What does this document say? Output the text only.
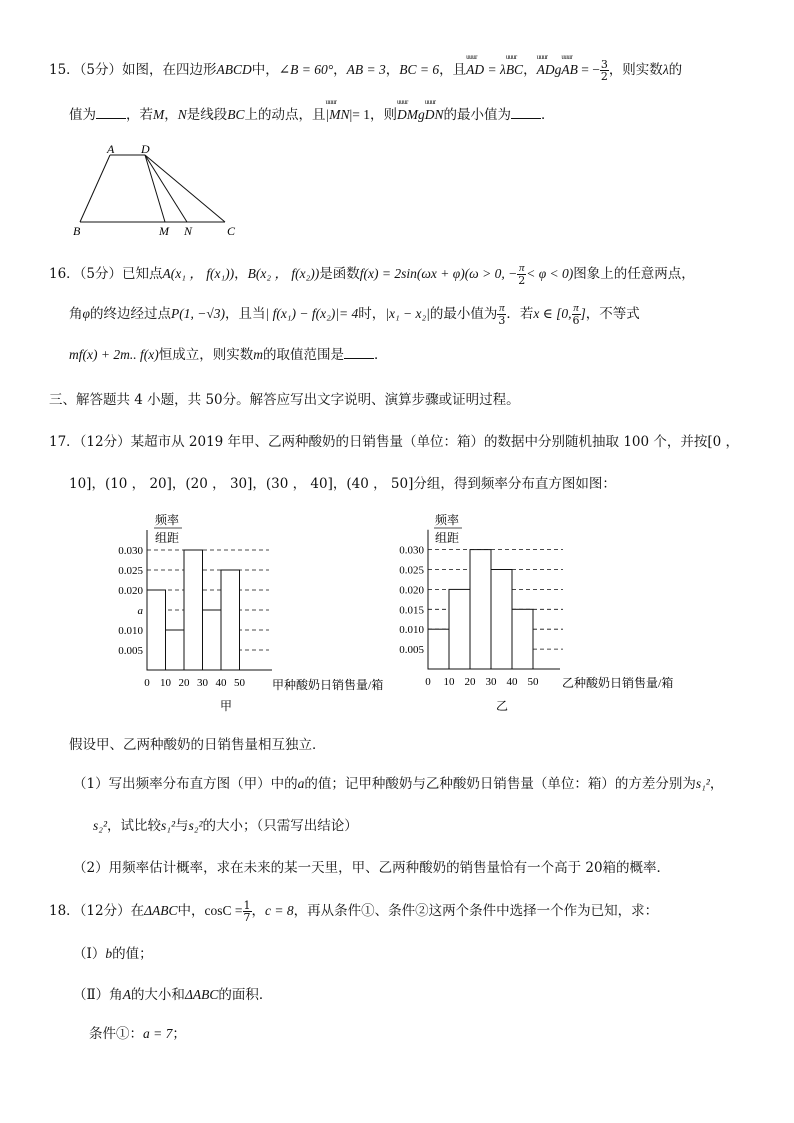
15．（5分）如图，在四边形ABCD中，∠B = 60°，AB = 3，BC = 6，且uuur AD = λuuur BC，uuur ADguuur AB = − $\frac{3}{2}$ ，则实数λ的
值为 ，若M，N是线段BC上的动点，且uuur |MN|= 1，则uuur DMguuur DN的最小值为 ．
A D
B	M N	C
16．（5分）已知点A(x₁ ， f(x₁))，B(x₂ ， f(x₂))是函数f(x) = 2sin(ωx + φ)(ω > 0, − $\frac{\pi}{2} < \varphi < 0$)图象上的任意两点，
角φ的终边经过点P(1, −√3)，且当| f(x₁) − f(x₂)|= 4时，|x₁ − x₂|的最小值为 $\frac{\pi}{3}$ ．若x ∈ [0, $\frac{\pi}{6}$ ]，不等式
mf(x) + 2m.. f(x)恒成立，则实数m的取值范围是 ．
三、解答题共 4 小题，共 50分。解答应写出文字说明、演算步骤或证明过程。
17．（12分）某超市从 2019 年甲、乙两种酸奶的日销售量（单位：箱）的数据中分别随机抽取 100 个，并按[0 ，
10]，(10 ， 20]，(20 ， 30]，(30 ， 40]，(40 ， 50]分组，得到频率分布直方图如图：
频率
组距
0.030
0.025
0.020
a
0.010
0.005
0 10 20 30 40 50 甲种酸奶日销售量/箱
甲
频率
组距
0.030
0.025
0.020
0.015
0.010
0.005
0 10 20 30 40 50 乙种酸奶日销售量/箱
乙
假设甲、乙两种酸奶的日销售量相互独立．
（1）写出频率分布直方图（甲）中的a的值；记甲种酸奶与乙种酸奶日销售量（单位：箱）的方差分别为s₁²，
s₂²，试比较s₁²与s₂²的大小；（只需写出结论）
（2）用频率估计概率，求在未来的某一天里，甲、乙两种酸奶的销售量恰有一个高于 20箱的概率．
18．（12分）在ΔABC中，$\cos C = \frac{1}{7}$ ，c = 8，再从条件①、条件②这两个条件中选择一个作为已知，求：
（Ⅰ）b的值；
（Ⅱ）角A的大小和ΔABC的面积．
条件①：a = 7；
